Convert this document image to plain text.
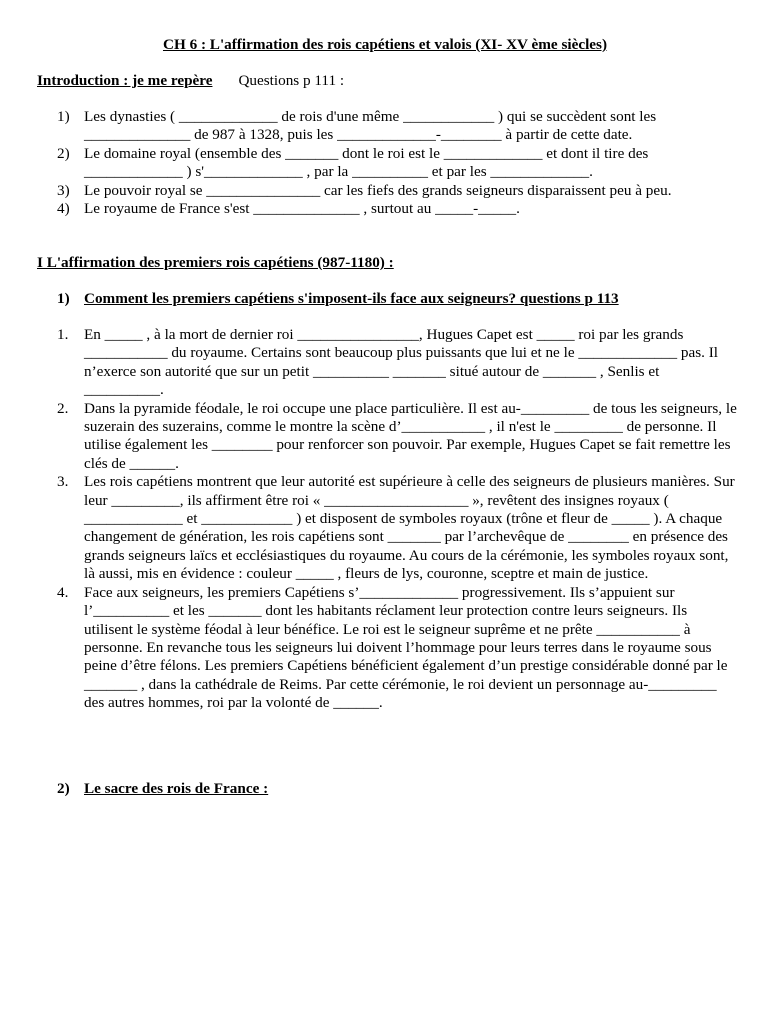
CH 6 : L'affirmation des rois capétiens et valois (XI- XV ème siècles)
Introduction : je me repère Questions p 111 :
1) Les dynasties ( _____________ de rois d'une même ____________ ) qui se succèdent sont les ______________ de 987 à 1328, puis les _____________-________ à partir de cette date.
2) Le domaine royal (ensemble des _______ dont le roi est le _____________ et dont il tire des _____________ ) s'_____________ , par la __________ et par les _____________.
3) Le pouvoir royal se _______________ car les fiefs des grands seigneurs disparaissent peu à peu.
4) Le royaume de France s'est ______________ , surtout au _____-_____.
I L'affirmation des premiers rois capétiens (987-1180) :
1) Comment les premiers capétiens s'imposent-ils face aux seigneurs? questions p 113
1. En _____ , à la mort de dernier roi ________________, Hugues Capet est _____ roi par les grands ___________ du royaume. Certains sont beaucoup plus puissants que lui et ne le _____________ pas. Il n’exerce son autorité que sur un petit __________ _______ situé autour de _______ , Senlis et __________.
2. Dans la pyramide féodale, le roi occupe une place particulière. Il est au-_________ de tous les seigneurs, le suzerain des suzerains, comme le montre la scène d’___________ , il n'est le _________ de personne. Il utilise également les ________ pour renforcer son pouvoir. Par exemple, Hugues Capet se fait remettre les clés de ______.
3. Les rois capétiens montrent que leur autorité est supérieure à celle des seigneurs de plusieurs manières. Sur leur _________, ils affirment être roi « ___________________ », revêtent des insignes royaux ( _____________ et ____________ ) et disposent de symboles royaux (trône et fleur de _____ ). A chaque changement de génération, les rois capétiens sont _______ par l’archevêque de ________ en présence des grands seigneurs laïcs et ecclésiastiques du royaume. Au cours de la cérémonie, les symboles royaux sont, là aussi, mis en évidence : couleur _____ , fleurs de lys, couronne, sceptre et main de justice.
4. Face aux seigneurs, les premiers Capétiens s’_____________ progressivement. Ils s’appuient sur l’__________ et les _______ dont les habitants réclament leur protection contre leurs seigneurs. Ils utilisent le système féodal à leur bénéfice. Le roi est le seigneur suprême et ne prête ___________ à personne. En revanche tous les seigneurs lui doivent l’hommage pour leurs terres dans le royaume sous peine d’être félons. Les premiers Capétiens bénéficient également d’un prestige considérable donné par le _______ , dans la cathédrale de Reims. Par cette cérémonie, le roi devient un personnage au-_________ des autres hommes, roi par la volonté de ______.
2) Le sacre des rois de France :
